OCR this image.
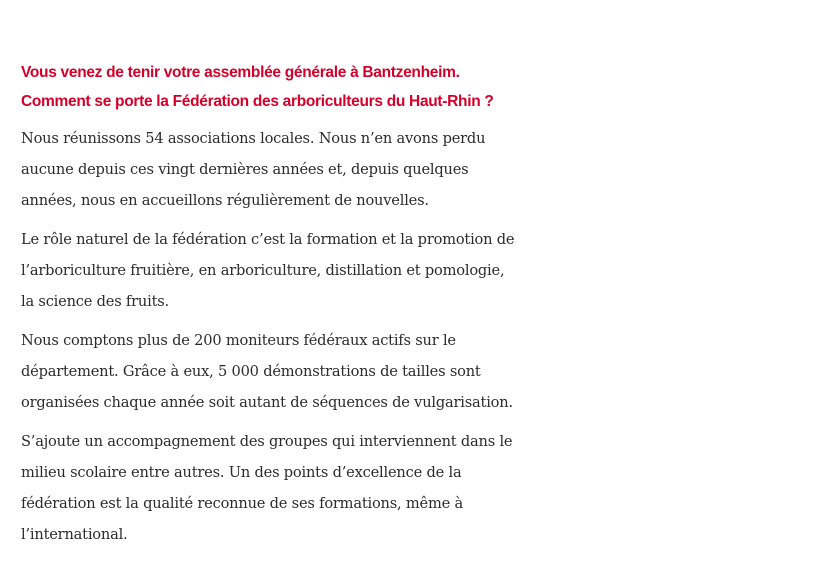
Vous venez de tenir votre assemblée générale à Bantzenheim.
Comment se porte la Fédération des arboriculteurs du Haut-Rhin ?

Nous réunissons 54 associations locales. Nous n’en avons perdu
aucune depuis ces vingt dernières années et, depuis quelques
années, nous en accueillons régulièrement de nouvelles.

Le rôle naturel de la fédération c’est la formation et la promotion de
l’arboriculture fruitière, en arboriculture, distillation et pomologie,
la science des fruits.

Nous comptons plus de 200 moniteurs fédéraux actifs sur le
département. Grâce à eux, 5 000 démonstrations de tailles sont
organisées chaque année soit autant de séquences de vulgarisation.

S’ajoute un accompagnement des groupes qui interviennent dans le
milieu scolaire entre autres. Un des points d’excellence de la
fédération est la qualité reconnue de ses formations, même à
l’international.
